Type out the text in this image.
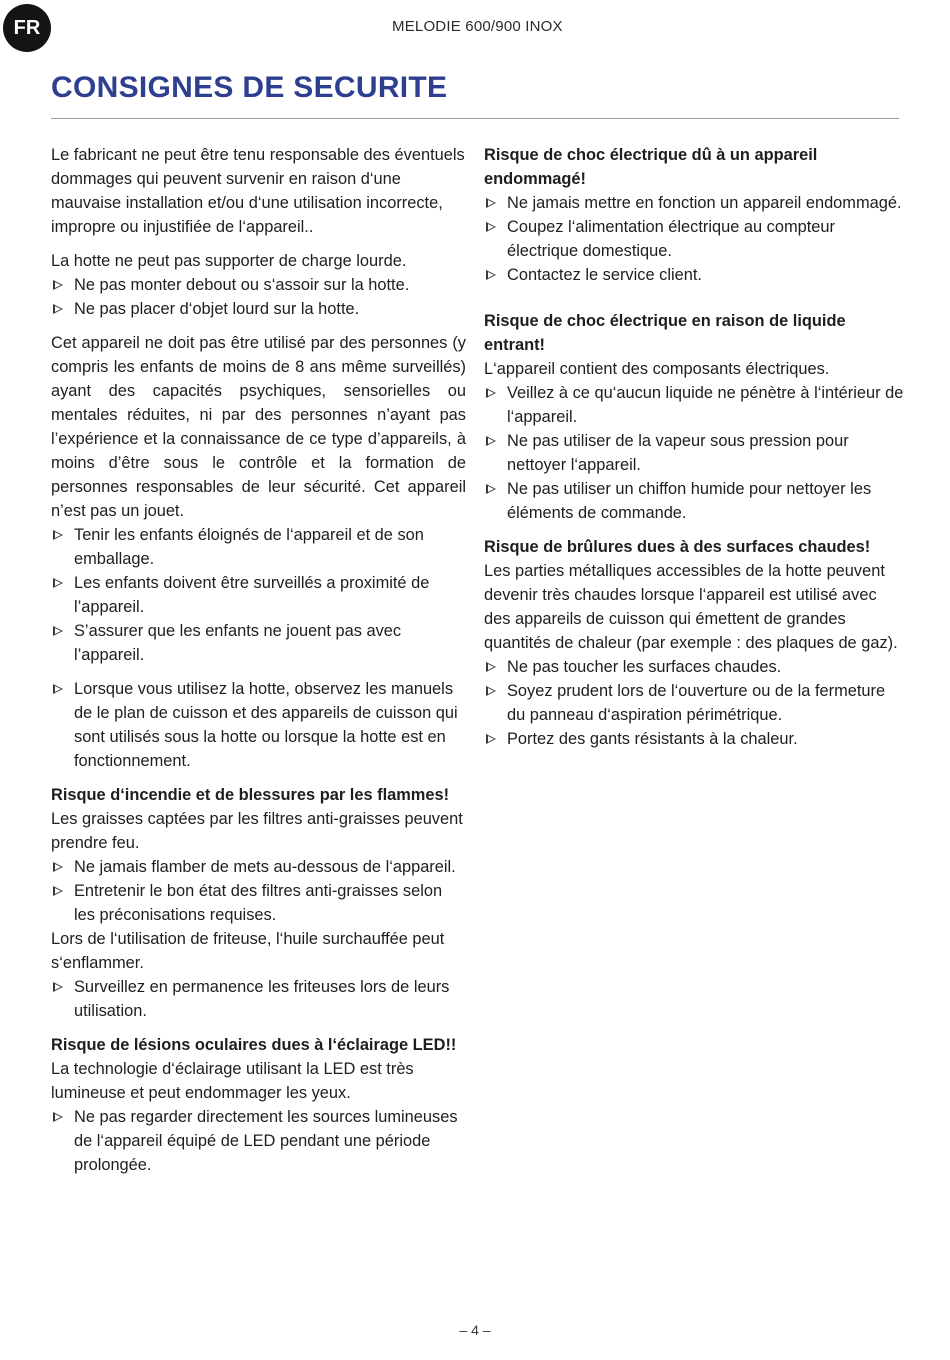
FR	MELODIE 600/900 INOX
CONSIGNES DE SECURITE

Le fabricant ne peut être tenu responsable des éventuels dommages qui peuvent survenir en raison d‘une mauvaise installation et/ou d‘une utilisation incorrecte, impropre ou injustifiée de l‘appareil..

La hotte ne peut pas supporter de charge lourde.

Ne pas monter debout ou s‘assoir sur la hotte.
Ne pas placer d‘objet lourd sur la hotte.

Cet appareil ne doit pas être utilisé par des personnes (y compris les enfants de moins de 8 ans même surveillés) ayant des capacités psychiques, sensorielles ou mentales réduites, ni par des personnes n’ayant pas l’expérience et la connaissance de ce type d’appareils, à moins d’être sous le contrôle et la formation de personnes responsables de leur sécurité. Cet appareil n’est pas un jouet.

Tenir les enfants éloignés de l‘appareil et de son emballage.
Les enfants doivent être surveillés a proximité de l’appareil.
S’assurer que les enfants ne jouent pas avec l’appareil.
Lorsque vous utilisez la hotte, observez les manuels de le plan de cuisson et des appareils de cuisson qui sont utilisés sous la hotte ou lorsque la hotte est en fonctionnement.

Risque d‘incendie et de blessures par les flammes!

Les graisses captées par les filtres anti-graisses peuvent prendre feu.

Ne jamais flamber de mets au-dessous de l‘appareil.
Entretenir le bon état des filtres anti-graisses selon les préconisations requises.

Lors de l‘utilisation de friteuse, l‘huile surchauffée peut s‘enflammer.

Surveillez en permanence les friteuses lors de leurs utilisation.

Risque de lésions oculaires dues à l‘éclairage LED!!

La technologie d‘éclairage utilisant la LED est très lumineuse et peut endommager les yeux.

Ne pas regarder directement les sources lumineuses de l‘appareil équipé de LED pendant une période prolongée.

Risque de choc électrique dû à un appareil endommagé!

Ne jamais mettre en fonction un appareil endommagé.
Coupez l‘alimentation électrique au compteur électrique domestique.
Contactez le service client.

Risque de choc électrique en raison de liquide entrant!

L‘appareil contient des composants électriques.

Veillez à ce qu‘aucun liquide ne pénètre à l‘intérieur de l‘appareil.
Ne pas utiliser de la vapeur sous pression pour nettoyer l‘appareil.
Ne pas utiliser un chiffon humide pour nettoyer les éléments de commande.

Risque de brûlures dues à des surfaces chaudes!

Les parties métalliques accessibles de la hotte peuvent devenir très chaudes lorsque l‘appareil est utilisé avec des appareils de cuisson qui émettent de grandes quantités de chaleur (par exemple : des plaques de gaz).

Ne pas toucher les surfaces chaudes.
Soyez prudent lors de l‘ouverture ou de la fermeture du panneau d‘aspiration périmétrique.
Portez des gants résistants à la chaleur.
– 4 –
